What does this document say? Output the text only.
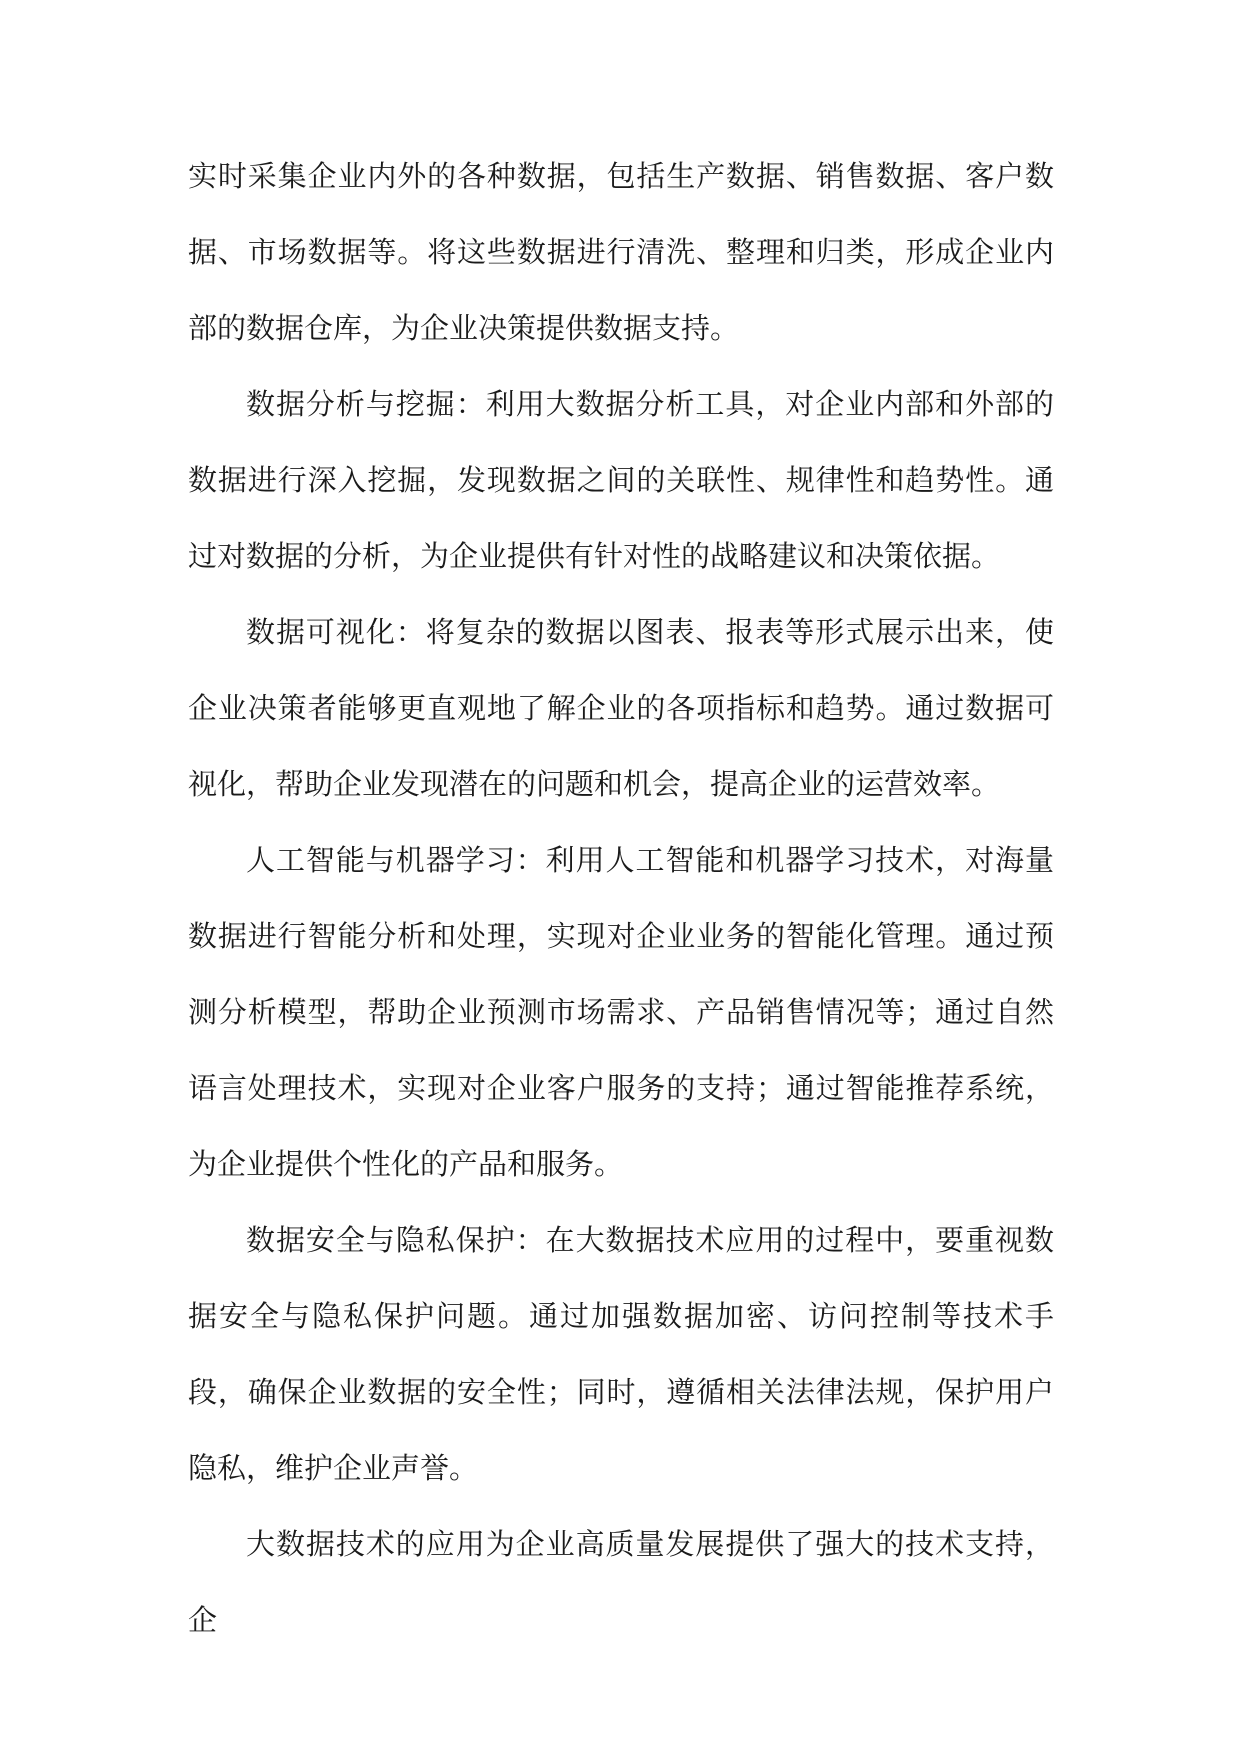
实时采集企业内外的各种数据，包括生产数据、销售数据、客户数据、市场数据等。将这些数据进行清洗、整理和归类，形成企业内部的数据仓库，为企业决策提供数据支持。

数据分析与挖掘：利用大数据分析工具，对企业内部和外部的数据进行深入挖掘，发现数据之间的关联性、规律性和趋势性。通过对数据的分析，为企业提供有针对性的战略建议和决策依据。

数据可视化：将复杂的数据以图表、报表等形式展示出来，使企业决策者能够更直观地了解企业的各项指标和趋势。通过数据可视化，帮助企业发现潜在的问题和机会，提高企业的运营效率。

人工智能与机器学习：利用人工智能和机器学习技术，对海量数据进行智能分析和处理，实现对企业业务的智能化管理。通过预测分析模型，帮助企业预测市场需求、产品销售情况等；通过自然语言处理技术，实现对企业客户服务的支持；通过智能推荐系统，为企业提供个性化的产品和服务。

数据安全与隐私保护：在大数据技术应用的过程中，要重视数据安全与隐私保护问题。通过加强数据加密、访问控制等技术手段，确保企业数据的安全性；同时，遵循相关法律法规，保护用户隐私，维护企业声誉。

大数据技术的应用为企业高质量发展提供了强大的技术支持，企
